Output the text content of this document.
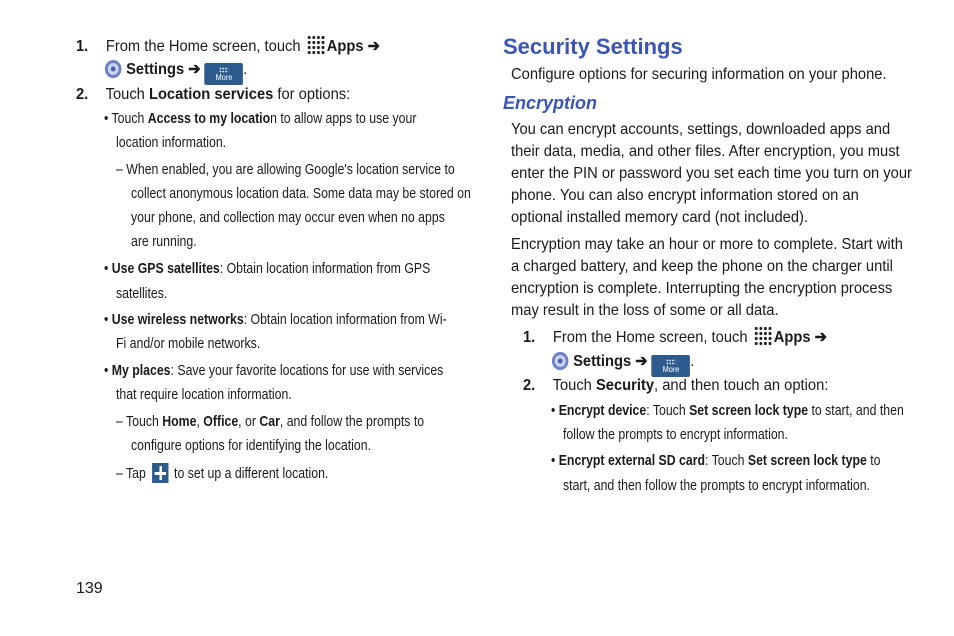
1. From the Home screen, touch Apps ➔
Settings ➔
More .
2. Touch Location services for options:
• Touch Access to my location to allow apps to use your
location information.
– When enabled, you are allowing Google's location service to
collect anonymous location data. Some data may be stored on
your phone, and collection may occur even when no apps
are running.
• Use GPS satellites: Obtain location information from GPS
satellites.
• Use wireless networks: Obtain location information from Wi-
Fi and/or mobile networks.
• My places: Save your favorite locations for use with services
that require location information.
– Touch Home, Office, or Car, and follow the prompts to
configure options for identifying the location.
– Tap  to set up a different location.
Security Settings
Configure options for securing information on your phone.
Encryption
You can encrypt accounts, settings, downloaded apps and
their data, media, and other files. After encryption, you must
enter the PIN or password you set each time you turn on your
phone. You can also encrypt information stored on an
optional installed memory card (not included).
Encryption may take an hour or more to complete. Start with
a charged battery, and keep the phone on the charger until
encryption is complete. Interrupting the encryption process
may result in the loss of some or all data.
1. From the Home screen, touch Apps ➔
Settings ➔
More .
2. Touch Security, and then touch an option:
• Encrypt device: Touch Set screen lock type to start, and then
follow the prompts to encrypt information.
• Encrypt external SD card: Touch Set screen lock type to
start, and then follow the prompts to encrypt information.
139
